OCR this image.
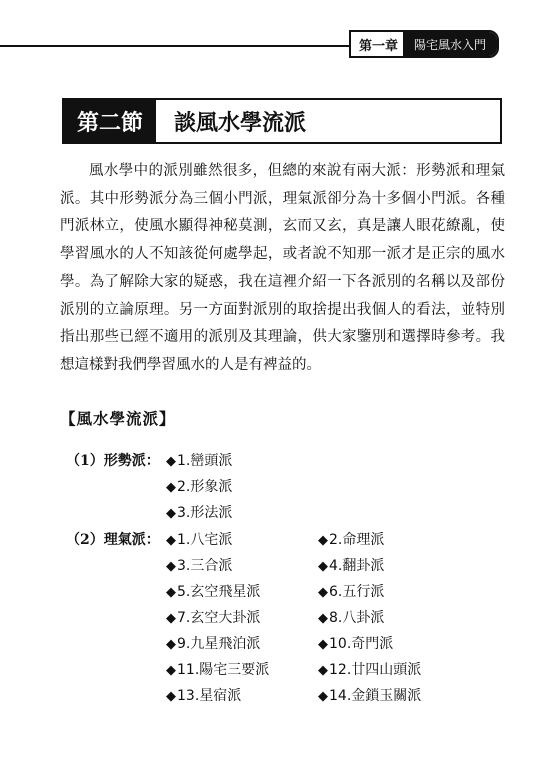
第一章	陽宅風水入門
第二節	談風水學流派

風水學中的派別雖然很多，但總的來說有兩大派：形勢派和理氣派。其中形勢派分為三個小門派，理氣派卻分為十多個小門派。各種門派林立，使風水顯得神秘莫測，玄而又玄，真是讓人眼花繚亂，使學習風水的人不知該從何處學起，或者說不知那一派才是正宗的風水學。為了解除大家的疑惑，我在這裡介紹一下各派別的名稱以及部份派別的立論原理。另一方面對派別的取捨提出我個人的看法，並特別指出那些已經不適用的派別及其理論，供大家鑒別和選擇時參考。我想這樣對我們學習風水的人是有裨益的。

【風水學流派】
（1）形勢派： ◆1.巒頭派
◆2.形象派
◆3.形法派
（2）理氣派： ◆1.八宅派	◆2.命理派
◆3.三合派	◆4.翻卦派
◆5.玄空飛星派	◆6.五行派
◆7.玄空大卦派	◆8.八卦派
◆9.九星飛泊派	◆10.奇門派
◆11.陽宅三要派	◆12.廿四山頭派
◆13.星宿派	◆14.金鎖玉關派
